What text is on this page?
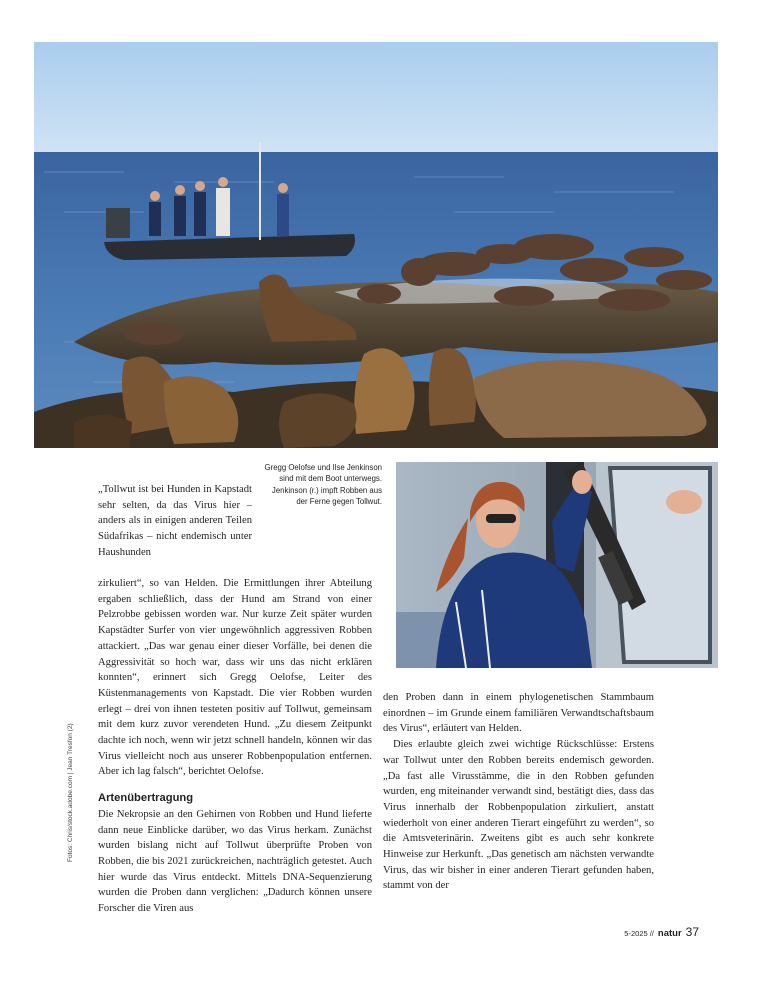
Gregg Oelofse und Ilse Jenkinson sind mit dem Boot unterwegs. Jenkinson (r.) impft Robben aus der Ferne gegen Tollwut.

„Tollwut ist bei Hunden in Kapstadt sehr selten, da das Virus hier – anders als in einigen anderen Teilen Südafrikas – nicht endemisch unter Haushunden

zirkuliert“, so van Helden. Die Ermittlungen ihrer Abteilung ergaben schließlich, dass der Hund am Strand von einer Pelzrobbe gebissen worden war. Nur kurze Zeit später wurden Kapstädter Surfer von vier ungewöhnlich aggressiven Robben attackiert. „Das war genau einer dieser Vorfälle, bei denen die Aggressivität so hoch war, dass wir uns das nicht erklären konnten“, erinnert sich Gregg Oelofse, Leiter des Küstenmanagements von Kapstadt. Die vier Robben wurden erlegt – drei von ihnen testeten positiv auf Tollwut, gemeinsam mit dem kurz zuvor verendeten Hund. „Zu diesem Zeitpunkt dachte ich noch, wenn wir jetzt schnell handeln, können wir das Virus vielleicht noch aus unserer Robbenpopulation entfernen. Aber ich lag falsch“, berichtet Oelofse.

Artenübertragung

Die Nekropsie an den Gehirnen von Robben und Hund lieferte dann neue Einblicke darüber, wo das Virus herkam. Zunächst wurden bislang nicht auf Tollwut überprüfte Proben von Robben, die bis 2021 zurückreichen, nachträglich getestet. Auch hier wurde das Virus entdeckt. Mittels DNA-Sequenzierung wurden die Proben dann verglichen: „Dadurch können unsere Forscher die Viren aus

den Proben dann in einem phylogenetischen Stammbaum einordnen – im Grunde einem familiären Verwandtschaftsbaum des Virus“, erläutert van Helden.

Dies erlaubte gleich zwei wichtige Rückschlüsse: Erstens war Tollwut unter den Robben bereits endemisch geworden. „Da fast alle Virusstämme, die in den Robben gefunden wurden, eng miteinander verwandt sind, bestätigt dies, dass das Virus innerhalb der Robbenpopulation zirkuliert, anstatt wiederholt von einer anderen Tierart eingeführt zu werden“, so die Amtsveterinärin. Zweitens gibt es auch sehr konkrete Hinweise zur Herkunft. „Das genetisch am nächsten verwandte Virus, das wir bisher in einer anderen Tierart gefunden haben, stammt von der

Fotos: Chris/stock.adobe.com | Jean Tresfon (2)
5-2025 // natur 37
